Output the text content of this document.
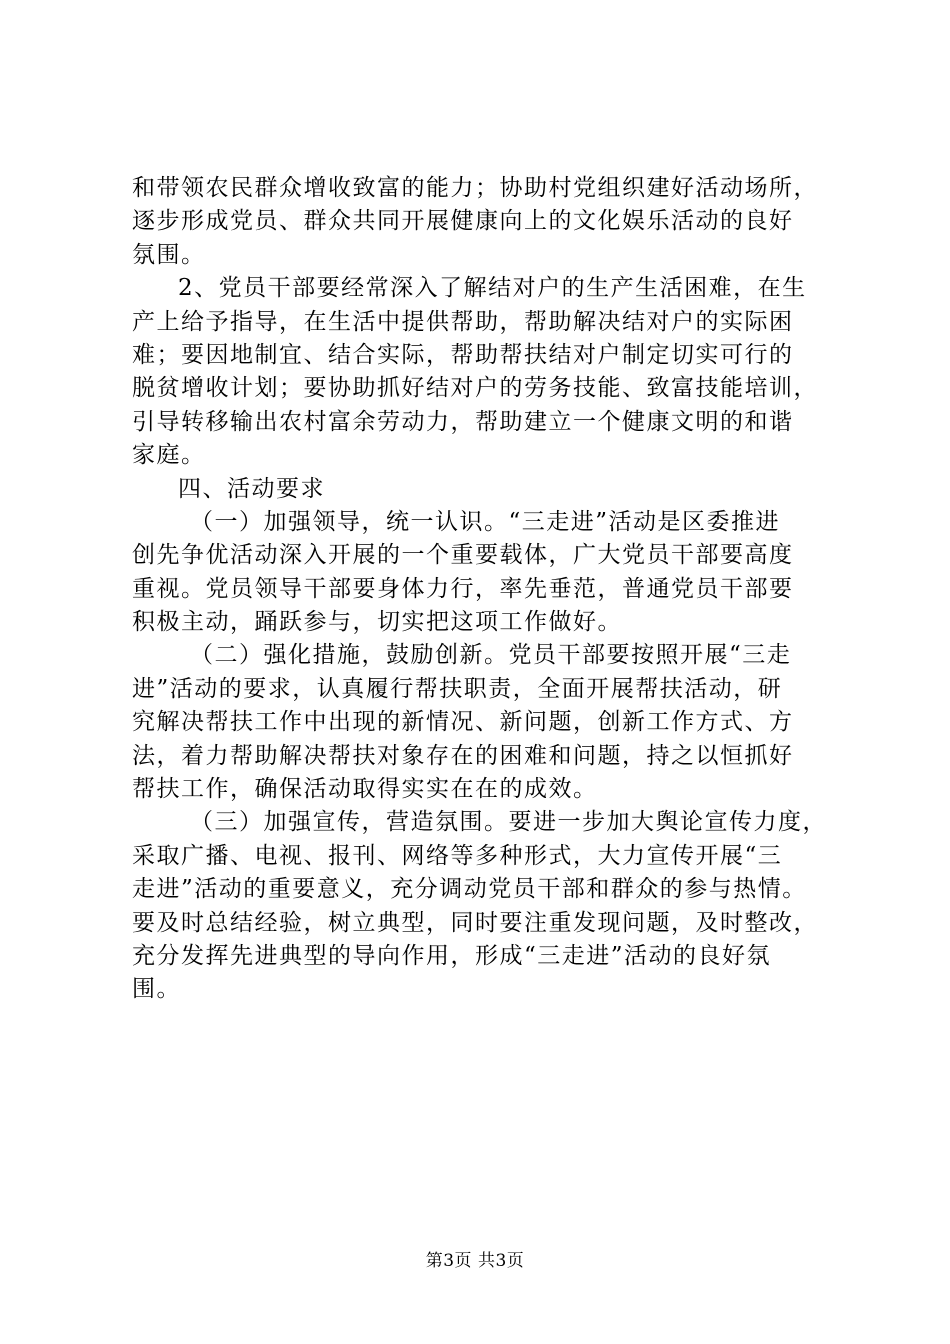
和带领农民群众增收致富的能力；协助村党组织建好活动场所，
逐步形成党员、群众共同开展健康向上的文化娱乐活动的良好
氛围。
2、党员干部要经常深入了解结对户的生产生活困难，在生
产上给予指导，在生活中提供帮助，帮助解决结对户的实际困
难；要因地制宜、结合实际，帮助帮扶结对户制定切实可行的
脱贫增收计划；要协助抓好结对户的劳务技能、致富技能培训，
引导转移输出农村富余劳动力，帮助建立一个健康文明的和谐
家庭。
四、活动要求
（一）加强领导，统一认识。“三走进”活动是区委推进
创先争优活动深入开展的一个重要载体，广大党员干部要高度
重视。党员领导干部要身体力行，率先垂范，普通党员干部要
积极主动，踊跃参与，切实把这项工作做好。
（二）强化措施，鼓励创新。党员干部要按照开展“三走
进”活动的要求，认真履行帮扶职责，全面开展帮扶活动，研
究解决帮扶工作中出现的新情况、新问题，创新工作方式、方
法，着力帮助解决帮扶对象存在的困难和问题，持之以恒抓好
帮扶工作，确保活动取得实实在在的成效。
（三）加强宣传，营造氛围。要进一步加大舆论宣传力度，
采取广播、电视、报刊、网络等多种形式，大力宣传开展“三
走进”活动的重要意义，充分调动党员干部和群众的参与热情。
要及时总结经验，树立典型，同时要注重发现问题，及时整改，
充分发挥先进典型的导向作用，形成“三走进”活动的良好氛
围。
第3页 共3页
